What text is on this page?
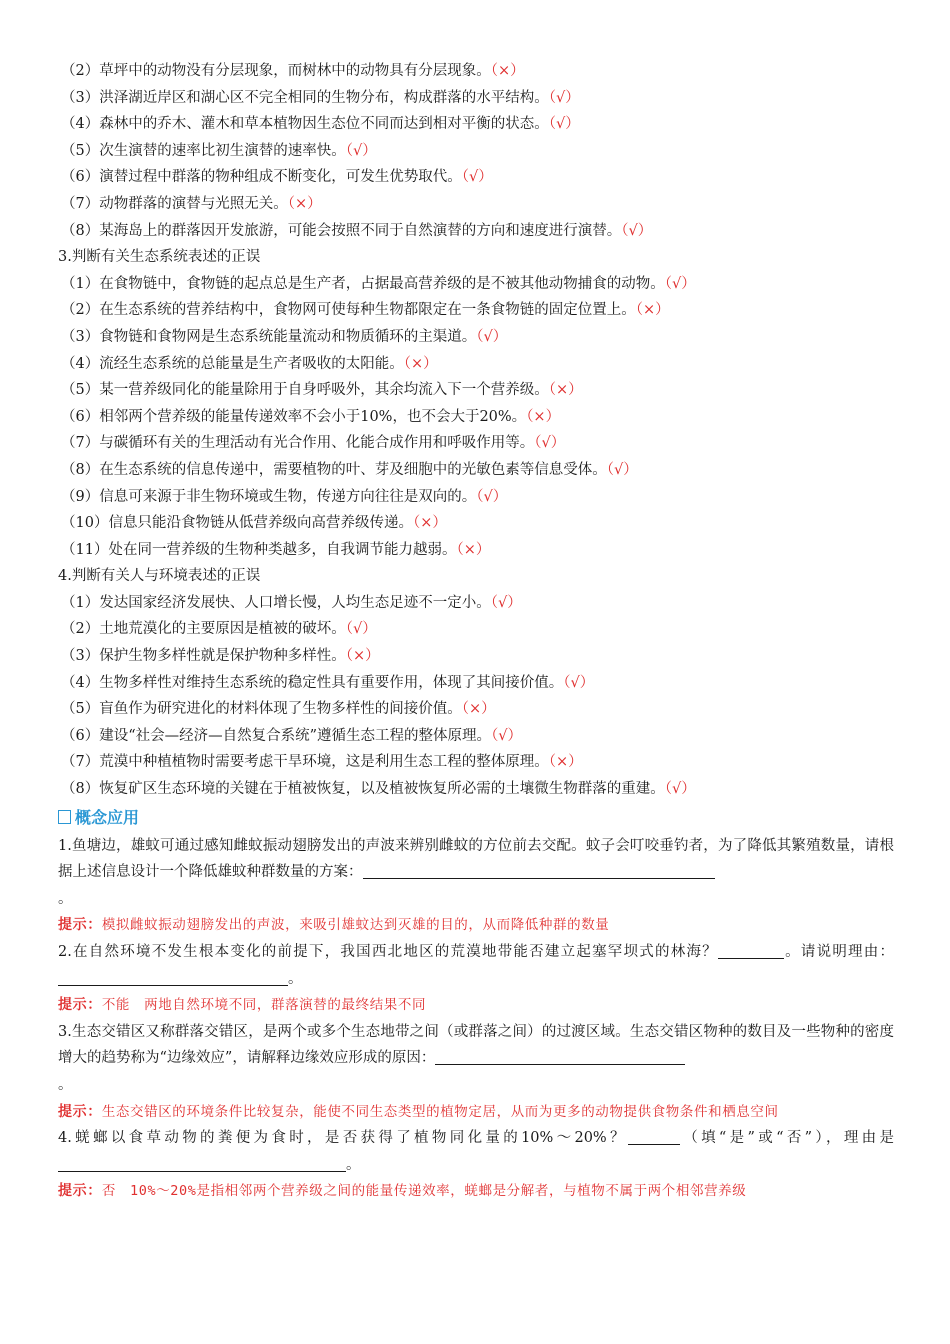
（2）草坪中的动物没有分层现象，而树林中的动物具有分层现象。（×）
（3）洪泽湖近岸区和湖心区不完全相同的生物分布，构成群落的水平结构。（√）
（4）森林中的乔木、灌木和草本植物因生态位不同而达到相对平衡的状态。（√）
（5）次生演替的速率比初生演替的速率快。（√）
（6）演替过程中群落的物种组成不断变化，可发生优势取代。（√）
（7）动物群落的演替与光照无关。（×）
（8）某海岛上的群落因开发旅游，可能会按照不同于自然演替的方向和速度进行演替。（√）
3.判断有关生态系统表述的正误
（1）在食物链中，食物链的起点总是生产者，占据最高营养级的是不被其他动物捕食的动物。（√）
（2）在生态系统的营养结构中，食物网可使每种生物都限定在一条食物链的固定位置上。（×）
（3）食物链和食物网是生态系统能量流动和物质循环的主渠道。（√）
（4）流经生态系统的总能量是生产者吸收的太阳能。（×）
（5）某一营养级同化的能量除用于自身呼吸外，其余均流入下一个营养级。（×）
（6）相邻两个营养级的能量传递效率不会小于10%，也不会大于20%。（×）
（7）与碳循环有关的生理活动有光合作用、化能合成作用和呼吸作用等。（√）
（8）在生态系统的信息传递中，需要植物的叶、芽及细胞中的光敏色素等信息受体。（√）
（9）信息可来源于非生物环境或生物，传递方向往往是双向的。（√）
（10）信息只能沿食物链从低营养级向高营养级传递。（×）
（11）处在同一营养级的生物种类越多，自我调节能力越弱。（×）
4.判断有关人与环境表述的正误
（1）发达国家经济发展快、人口增长慢，人均生态足迹不一定小。（√）
（2）土地荒漠化的主要原因是植被的破坏。（√）
（3）保护生物多样性就是保护物种多样性。（×）
（4）生物多样性对维持生态系统的稳定性具有重要作用，体现了其间接价值。（√）
（5）盲鱼作为研究进化的材料体现了生物多样性的间接价值。（×）
（6）建设“社会—经济—自然复合系统”遵循生态工程的整体原理。（√）
（7）荒漠中种植植物时需要考虑干旱环境，这是利用生态工程的整体原理。（×）
（8）恢复矿区生态环境的关键在于植被恢复，以及植被恢复所必需的土壤微生物群落的重建。（√）
概念应用
1.鱼塘边，雄蚊可通过感知雌蚊振动翅膀发出的声波来辨别雌蚊的方位前去交配。蚊子会叮咬垂钓者，为了降低其繁殖数量，请根据上述信息设计一个降低雄蚊种群数量的方案：
。
提示：模拟雌蚊振动翅膀发出的声波，来吸引雄蚊达到灭雄的目的，从而降低种群的数量
2.在自然环境不发生根本变化的前提下，我国西北地区的荒漠地带能否建立起塞罕坝式的林海？	。请说明理由：。
提示：不能　两地自然环境不同，群落演替的最终结果不同
3.生态交错区又称群落交错区，是两个或多个生态地带之间（或群落之间）的过渡区域。生态交错区物种的数目及一些物种的密度增大的趋势称为“边缘效应”，请解释边缘效应形成的原因：
。
提示：生态交错区的环境条件比较复杂，能使不同生态类型的植物定居，从而为更多的动物提供食物条件和栖息空间
4.蜣螂以食草动物的粪便为食时，是否获得了植物同化量的10%～20%？	（填“是”或“否”），理由是。
提示：否　10%～20%是指相邻两个营养级之间的能量传递效率，蜣螂是分解者，与植物不属于两个相邻营养级
